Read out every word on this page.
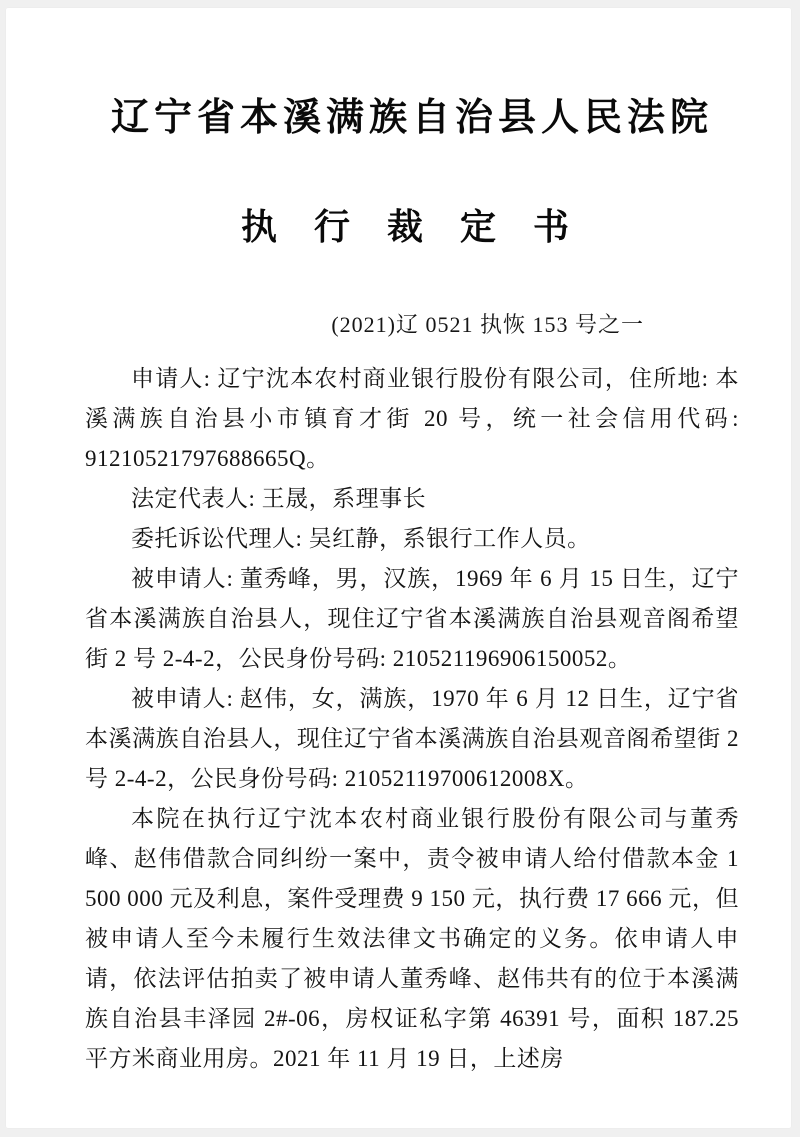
辽宁省本溪满族自治县人民法院
执 行 裁 定 书
(2021)辽 0521 执恢 153 号之一

申请人: 辽宁沈本农村商业银行股份有限公司，住所地: 本溪满族自治县小市镇育才街 20 号，统一社会信用代码: 91210521797688665Q。

法定代表人: 王晟，系理事长

委托诉讼代理人: 吴红静，系银行工作人员。

被申请人: 董秀峰，男，汉族，1969 年 6 月 15 日生，辽宁省本溪满族自治县人，现住辽宁省本溪满族自治县观音阁希望街 2 号 2-4-2，公民身份号码: 210521196906150052。

被申请人: 赵伟，女，满族，1970 年 6 月 12 日生，辽宁省本溪满族自治县人，现住辽宁省本溪满族自治县观音阁希望街 2 号 2-4-2，公民身份号码: 21052119700612008X。

本院在执行辽宁沈本农村商业银行股份有限公司与董秀峰、赵伟借款合同纠纷一案中，责令被申请人给付借款本金 1 500 000 元及利息，案件受理费 9 150 元，执行费 17 666 元，但被申请人至今未履行生效法律文书确定的义务。依申请人申请，依法评估拍卖了被申请人董秀峰、赵伟共有的位于本溪满族自治县丰泽园 2#-06，房权证私字第 46391 号，面积 187.25 平方米商业用房。2021 年 11 月 19 日，上述房
